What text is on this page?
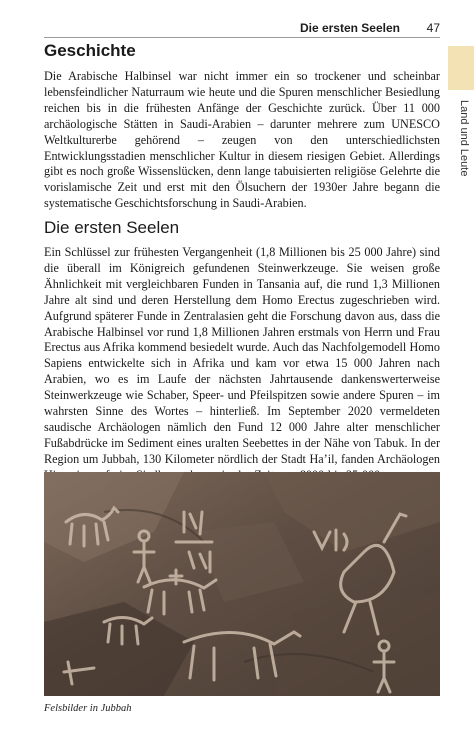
Die ersten Seelen 47
Land und Leute
Geschichte

Die Arabische Halbinsel war nicht immer ein so trockener und scheinbar lebensfeindlicher Naturraum wie heute und die Spuren menschlicher Besiedlung reichen bis in die frühesten Anfänge der Geschichte zurück. Über 11 000 archäologische Stätten in Saudi-Arabien – darunter mehrere zum UNESCO Weltkulturerbe gehörend – zeugen von den unterschiedlichsten Entwicklungsstadien menschlicher Kultur in diesem riesigen Gebiet. Allerdings gibt es noch große Wissenslücken, denn lange tabuisierten religiöse Gelehrte die vorislamische Zeit und erst mit den Ölsuchern der 1930er Jahre begann die systematische Geschichtsforschung in Saudi-Arabien.

Die ersten Seelen

Ein Schlüssel zur frühesten Vergangenheit (1,8 Millionen bis 25 000 Jahre) sind die überall im Königreich gefundenen Steinwerkzeuge. Sie weisen große Ähnlichkeit mit vergleichbaren Funden in Tansania auf, die rund 1,3 Millionen Jahre alt sind und deren Herstellung dem Homo Erectus zugeschrieben wird. Aufgrund späterer Funde in Zentralasien geht die Forschung davon aus, dass die Arabische Halbinsel vor rund 1,8 Millionen Jahren erstmals von Herrn und Frau Erectus aus Afrika kommend besiedelt wurde. Auch das Nachfolgemodell Homo Sapiens entwickelte sich in Afrika und kam vor etwa 15 000 Jahren nach Arabien, wo es im Laufe der nächsten Jahrtausende dankenswerterweise Steinwerkzeuge wie Schaber, Speer- und Pfeilspitzen sowie andere Spuren – im wahrsten Sinne des Wortes – hinterließ. Im September 2020 vermeldeten saudische Archäologen nämlich den Fund 12 000 Jahre alter menschlicher Fußabdrücke im Sediment eines uralten Seebettes in der Nähe von Tabuk. In der Region um Jubbah, 130 Kilometer nördlich der Stadt Ha’il, fanden Archäologen

Felsbilder in Jubbah
